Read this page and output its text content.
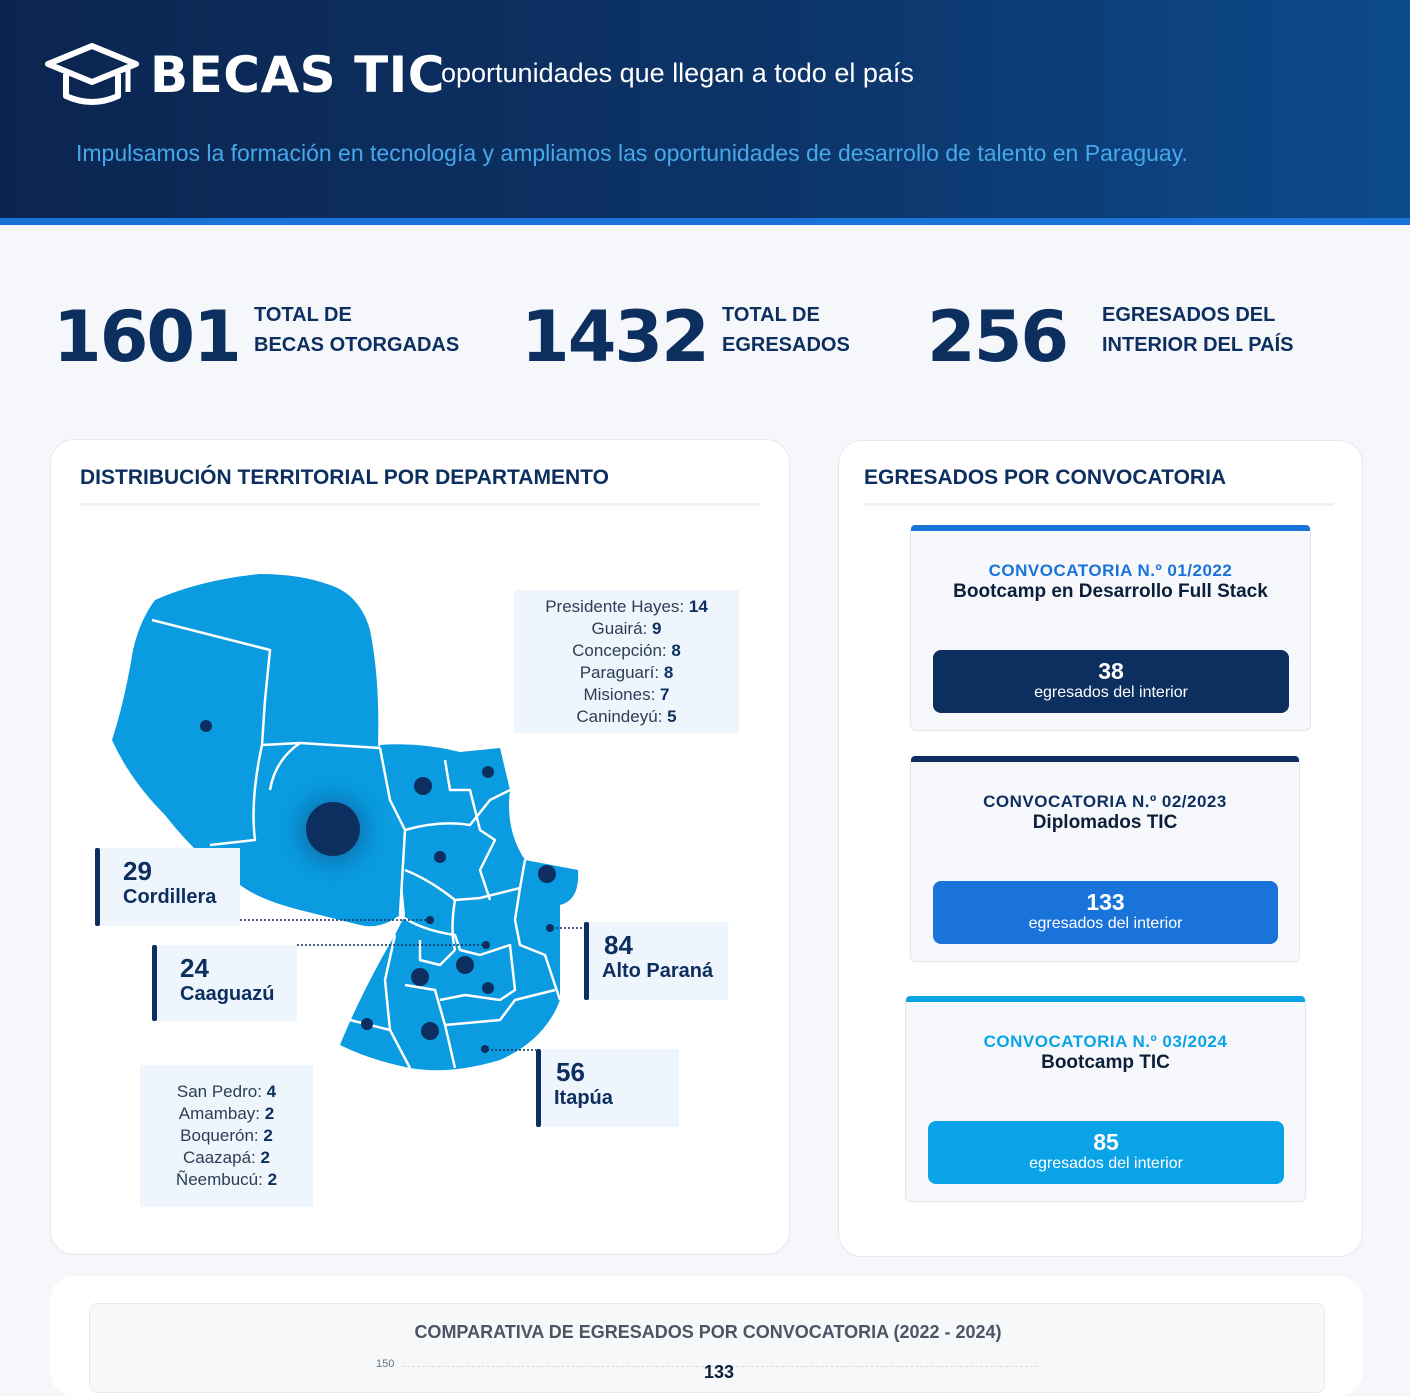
BECAS TIC
oportunidades que llegan a todo el país
Impulsamos la formación en tecnología y ampliamos las oportunidades de desarrollo de talento en Paraguay.
1601 TOTAL DE
BECAS OTORGADAS 1432 TOTAL DE
EGRESADOS 256 EGRESADOS DEL
INTERIOR DEL PAÍS
DISTRIBUCIÓN TERRITORIAL POR DEPARTAMENTO
Presidente Hayes: 14
Guairá: 9
Concepción: 8
Paraguarí: 8
Misiones: 7
Canindeyú: 5
San Pedro: 4
Amambay: 2
Boquerón: 2
Caazapá: 2
Ñeembucú: 2
29
Cordillera
24
Caaguazú
84
Alto Paraná
56
Itapúa
EGRESADOS POR CONVOCATORIA
CONVOCATORIA N.º 01/2022
Bootcamp en Desarrollo Full Stack
38
egresados del interior
CONVOCATORIA N.º 02/2023
Diplomados TIC
133
egresados del interior
CONVOCATORIA N.º 03/2024
Bootcamp TIC
85
egresados del interior
COMPARATIVA DE EGRESADOS POR CONVOCATORIA (2022 - 2024)
150	133
